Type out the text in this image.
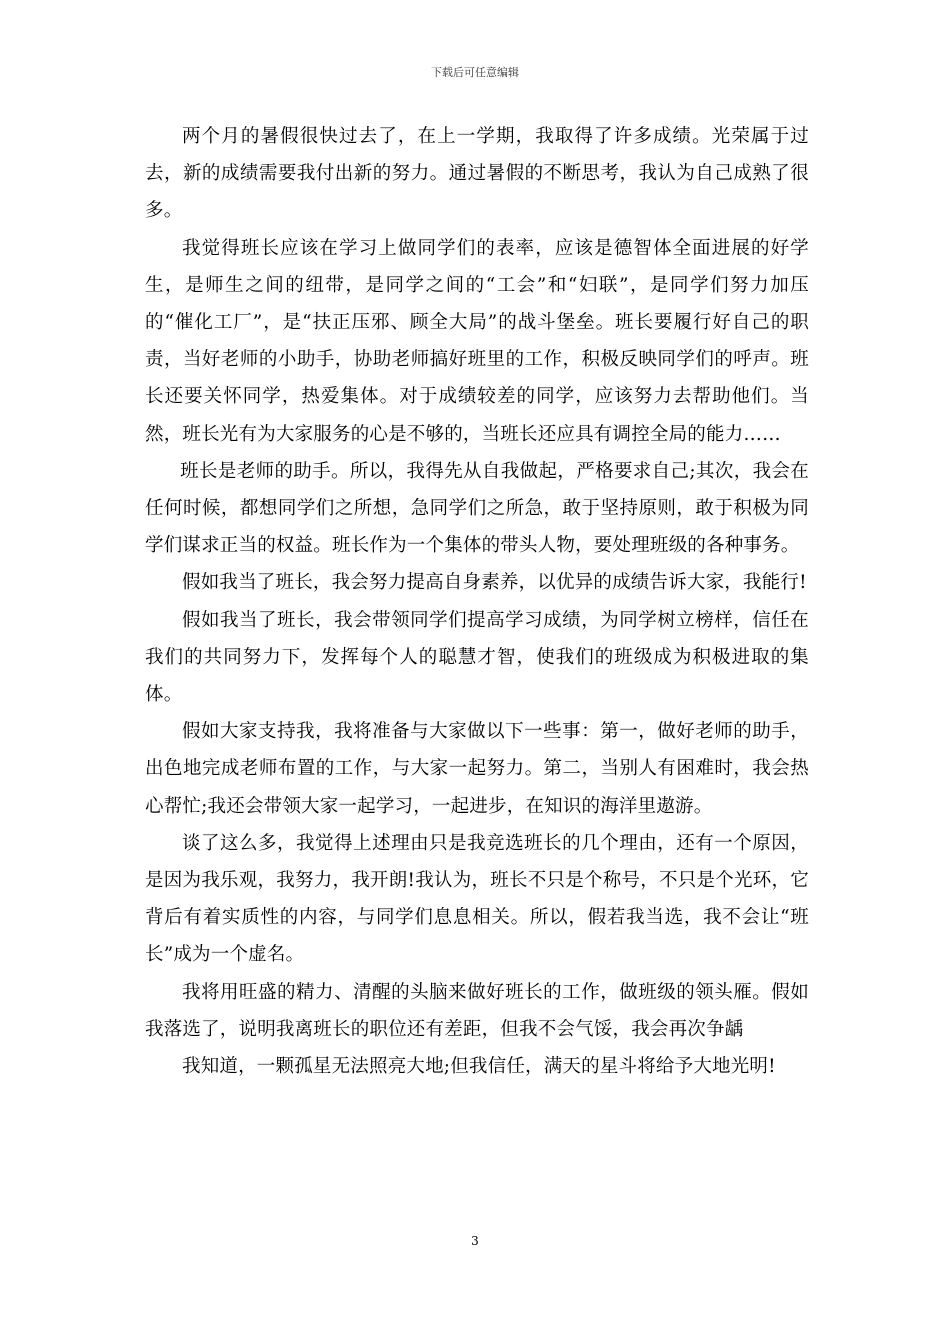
下载后可任意编辑

两个月的暑假很快过去了，在上一学期，我取得了许多成绩。光荣属于过去，新的成绩需要我付出新的努力。通过暑假的不断思考，我认为自己成熟了很多。

我觉得班长应该在学习上做同学们的表率，应该是德智体全面进展的好学生，是师生之间的纽带，是同学之间的“工会”和“妇联”，是同学们努力加压的“催化工厂”，是“扶正压邪、顾全大局”的战斗堡垒。班长要履行好自己的职责，当好老师的小助手，协助老师搞好班里的工作，积极反映同学们的呼声。班长还要关怀同学，热爱集体。对于成绩较差的同学，应该努力去帮助他们。当然，班长光有为大家服务的心是不够的，当班长还应具有调控全局的能力……

班长是老师的助手。所以，我得先从自我做起，严格要求自己;其次，我会在任何时候，都想同学们之所想，急同学们之所急，敢于坚持原则，敢于积极为同学们谋求正当的权益。班长作为一个集体的带头人物，要处理班级的各种事务。

假如我当了班长，我会努力提高自身素养，以优异的成绩告诉大家，我能行!

假如我当了班长，我会带领同学们提高学习成绩，为同学树立榜样，信任在我们的共同努力下，发挥每个人的聪慧才智，使我们的班级成为积极进取的集体。

假如大家支持我，我将准备与大家做以下一些事：第一，做好老师的助手，出色地完成老师布置的工作，与大家一起努力。第二，当别人有困难时，我会热心帮忙;我还会带领大家一起学习，一起进步，在知识的海洋里遨游。

谈了这么多，我觉得上述理由只是我竞选班长的几个理由，还有一个原因，是因为我乐观，我努力，我开朗!我认为，班长不只是个称号，不只是个光环，它背后有着实质性的内容，与同学们息息相关。所以，假若我当选，我不会让“班长”成为一个虚名。

我将用旺盛的精力、清醒的头脑来做好班长的工作，做班级的领头雁。假如我落选了，说明我离班长的职位还有差距，但我不会气馁，我会再次争龋

我知道，一颗孤星无法照亮大地;但我信任，满天的星斗将给予大地光明!

3
